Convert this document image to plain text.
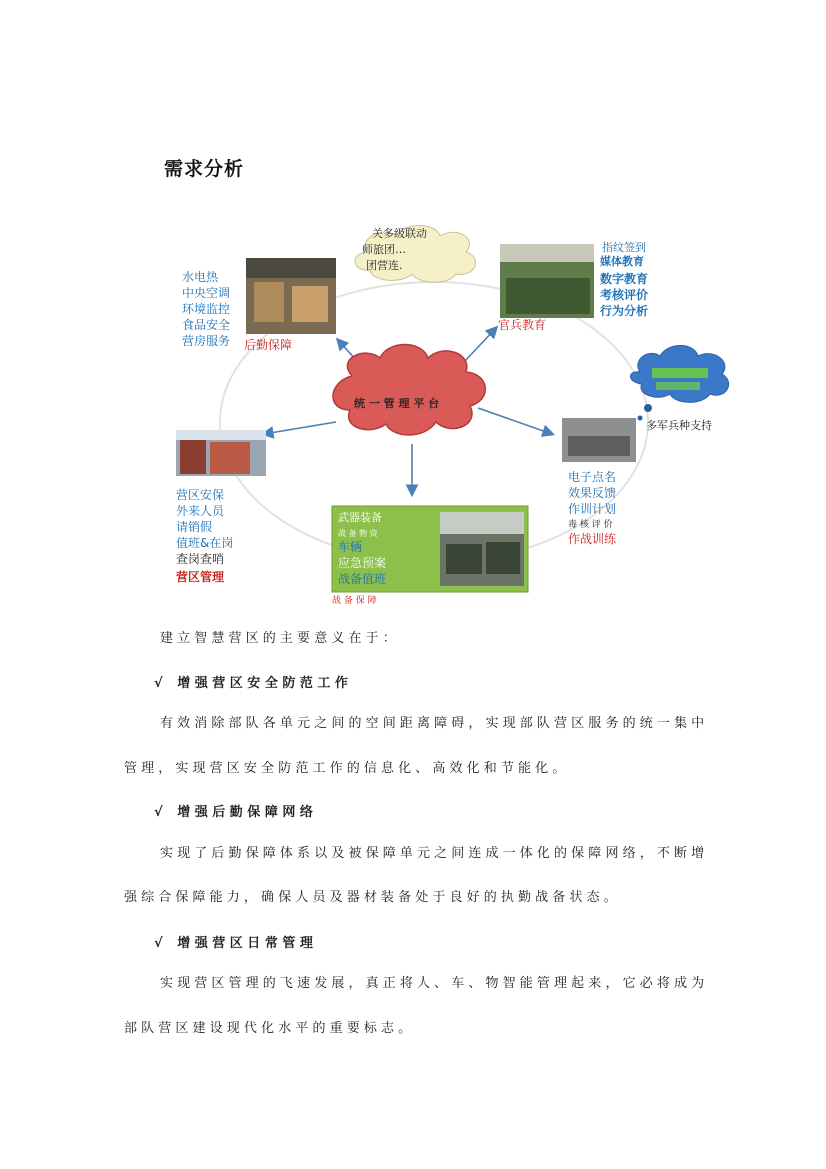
需求分析
统 一 管 理 平 台
关多级联动
师旅团…
团营连.
水电热
中央空调
环境监控
食品安全
营房服务 后勤保障
指纹签到
媒体教育
数字教育
考核评价
行为分析
官兵教育
多军兵种支持
电子点名
效果反馈
作训计划
毒 核 评 价
作战训练
营区安保
外来人员
请销假
值班&在岗
查岗查哨
营区管理
武器装备
战 备 物 资
车辆
应急预案
战备值班
战 备 保 障
建 立 智 慧 营 区 的 主 要 意 义 在 于 ：
√ 增 强 营 区 安 全 防 范 工 作
有 效 消 除 部 队 各 单 元 之 间 的 空 间 距 离 障 碍 ， 实 现 部 队 营 区 服 务 的 统 一 集 中
管 理 ， 实 现 营 区 安 全 防 范 工 作 的 信 息 化 、 高 效 化 和 节 能 化 。
√ 增 强 后 勤 保 障 网 络
实 现 了 后 勤 保 障 体 系 以 及 被 保 障 单 元 之 间 连 成 一 体 化 的 保 障 网 络 ， 不 断 增
强 综 合 保 障 能 力 ， 确 保 人 员 及 器 材 装 备 处 于 良 好 的 执 勤 战 备 状 态 。
√ 增 强 营 区 日 常 管 理
实 现 营 区 管 理 的 飞 速 发 展 ， 真 正 将 人 、 车 、 物 智 能 管 理 起 来 ， 它 必 将 成 为
部 队 营 区 建 设 现 代 化 水 平 的 重 要 标 志 。
